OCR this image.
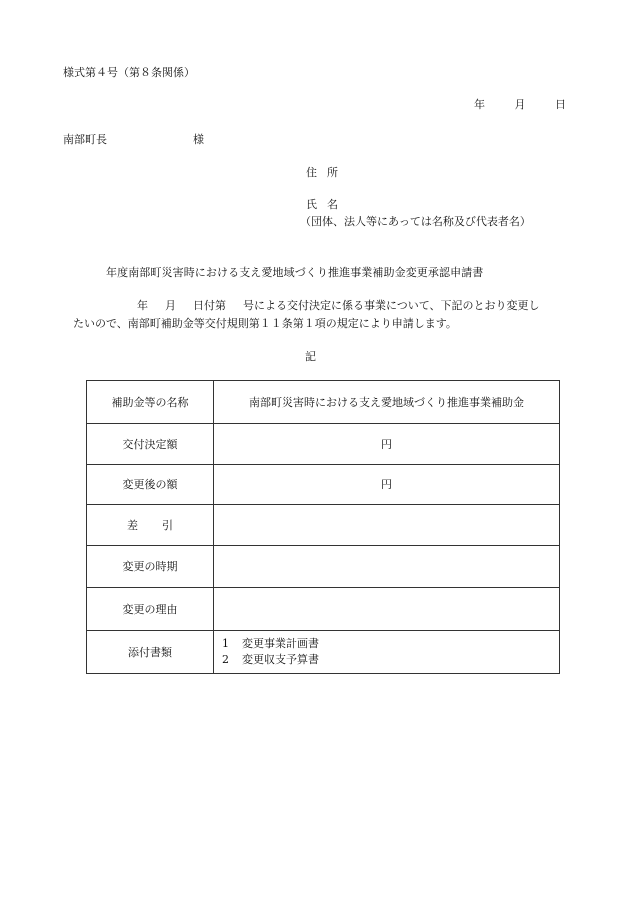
様式第４号（第８条関係）
年	月	日
南部町長	様
住所
氏名
（団体、法人等にあっては名称及び代表者名）
年度南部町災害時における支え愛地域づくり推進事業補助金変更承認申請書
年 月 日付第 号による交付決定に係る事業について、下記のとおり変更し
たいので、南部町補助金等交付規則第１１条第１項の規定により申請します。
記
補助金等の名称	南部町災害時における支え愛地域づくり推進事業補助金
交付決定額	円
変更後の額	円
差引	
変更の時期	
変更の理由	
添付書類	1 変更事業計画書
2 変更収支予算書
